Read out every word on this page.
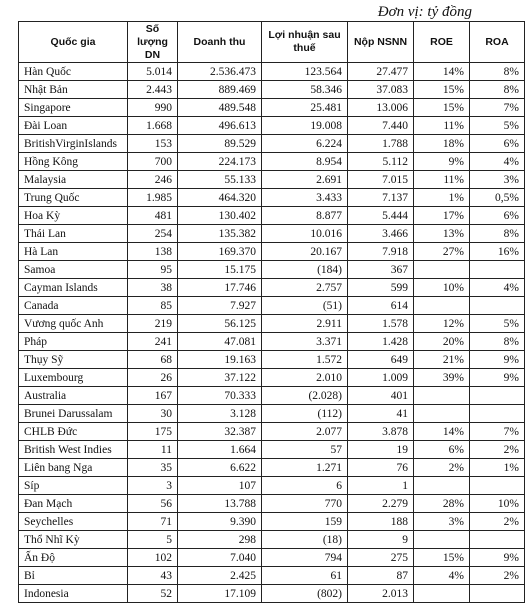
Đơn vị: tỷ đồng
Quốc gia	Số lượng DN	Doanh thu	Lợi nhuận sau thuế	Nộp NSNN	ROE	ROA
Hàn Quốc	5.014	2.536.473	123.564	27.477	14%	8%
Nhật Bản	2.443	889.469	58.346	37.083	15%	8%
Singapore	990	489.548	25.481	13.006	15%	7%
Đài Loan	1.668	496.613	19.008	7.440	11%	5%
BritishVirginIslands	153	89.529	6.224	1.788	18%	6%
Hồng Kông	700	224.173	8.954	5.112	9%	4%
Malaysia	246	55.133	2.691	7.015	11%	3%
Trung Quốc	1.985	464.320	3.433	7.137	1%	0,5%
Hoa Kỳ	481	130.402	8.877	5.444	17%	6%
Thái Lan	254	135.382	10.016	3.466	13%	8%
Hà Lan	138	169.370	20.167	7.918	27%	16%
Samoa	95	15.175	(184)	367		
Cayman Islands	38	17.746	2.757	599	10%	4%
Canada	85	7.927	(51)	614		
Vương quốc Anh	219	56.125	2.911	1.578	12%	5%
Pháp	241	47.081	3.371	1.428	20%	8%
Thụy Sỹ	68	19.163	1.572	649	21%	9%
Luxembourg	26	37.122	2.010	1.009	39%	9%
Australia	167	70.333	(2.028)	401		
Brunei Darussalam	30	3.128	(112)	41		
CHLB Đức	175	32.387	2.077	3.878	14%	7%
British West Indies	11	1.664	57	19	6%	2%
Liên bang Nga	35	6.622	1.271	76	2%	1%
Síp	3	107	6	1		
Đan Mạch	56	13.788	770	2.279	28%	10%
Seychelles	71	9.390	159	188	3%	2%
Thổ Nhĩ Kỳ	5	298	(18)	9		
Ấn Độ	102	7.040	794	275	15%	9%
Bỉ	43	2.425	61	87	4%	2%
Indonesia	52	17.109	(802)	2.013		
